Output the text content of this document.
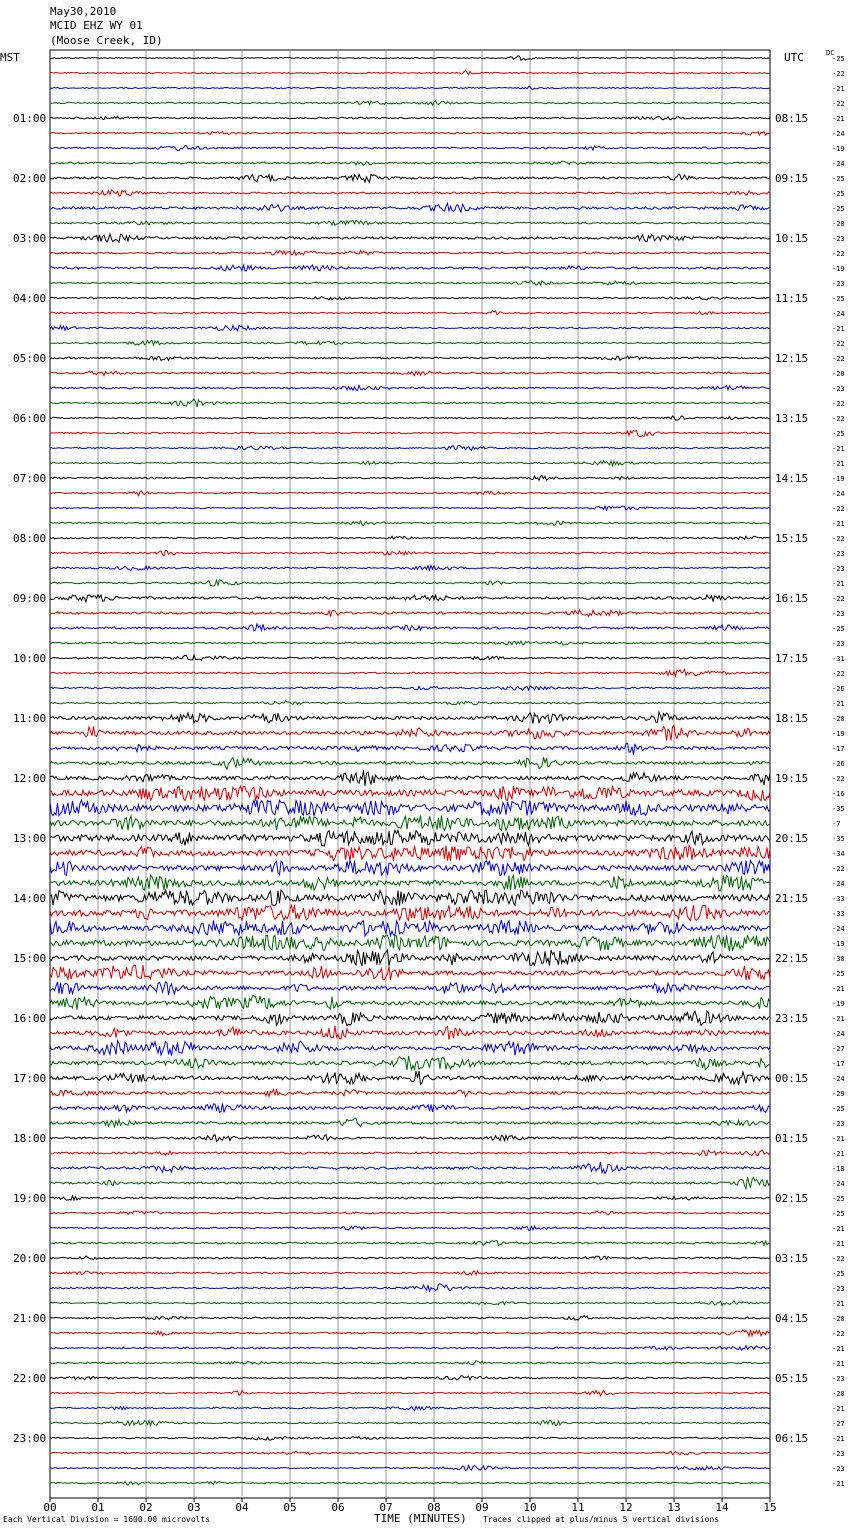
May30,2010
MCID EHZ WY 01
(Moose Creek, ID)
MST	UTC	DC
01:00	08:15
02:00	09:15
03:00	10:15
04:00	11:15
05:00	12:15
06:00	13:15
07:00	14:15
08:00	15:15
09:00	16:15
10:00	17:15
11:00	18:15
12:00	19:15
13:00	20:15
14:00	21:15
15:00	22:15
16:00	23:15
17:00	00:15
18:00	01:15
19:00	02:15
20:00	03:15
21:00	04:15
22:00	05:15
23:00	06:15
-25
-22
-21
-22
-21
-24
-19
-24
-25
-25
-25
-20
-23
-22
-19
-23
-25
-24
-21
-22
-22
-20
-23
-22
-22
-25
-21
-21
-19
-24
-22
-21
-22
-23
-23
-21
-22
-23
-25
-23
-31
-22
-26
-21
-20
-19
-17
-26
-22
-16
-35
-7
-35
-34
-22
-24
-33
-33
-24
-19
-30
-25
-21
-19
-21
-24
-27
-17
-24
-29
-25
-23
-21
-21
-18
-24
-25
-25
-21
-21
-22
-25
-23
-21
-20
-22
-21
-21
-23
-20
-21
-27
-21
-23
-23
-21
00	01	02	03	04	05	06	07	08	09	10	11	12	13	14	15
Each Vertical Division = 1600.00 microvolts	Traces clipped at plus/minus 5 vertical divisions
TIME (MINUTES)
